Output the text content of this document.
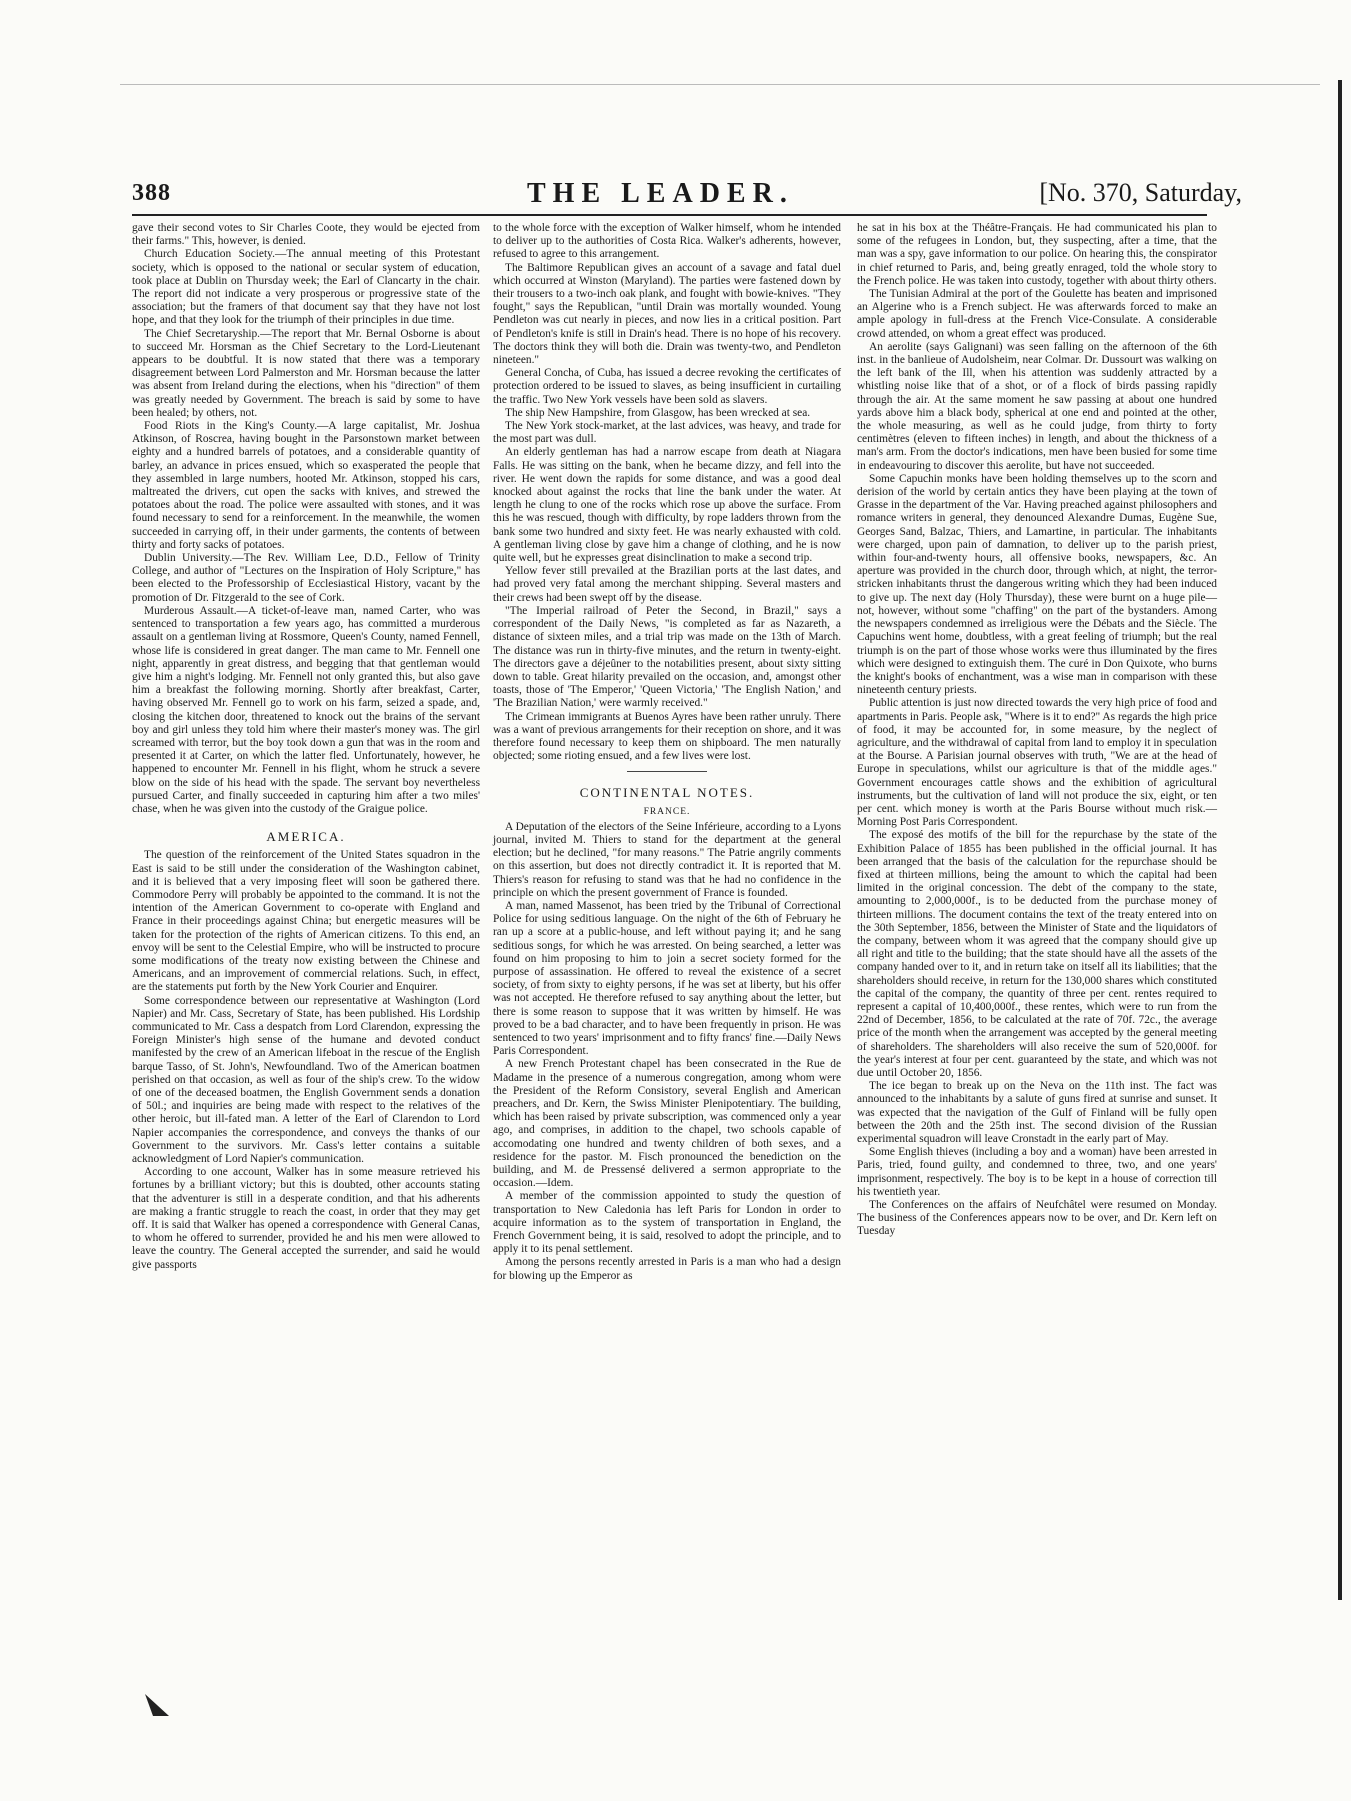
388	THE LEADER.	[No. 370, Saturday,

gave their second votes to Sir Charles Coote, they would be ejected from their farms." This, however, is denied.

Church Education Society.—The annual meeting of this Protestant society, which is opposed to the national or secular system of education, took place at Dublin on Thursday week; the Earl of Clancarty in the chair. The report did not indicate a very prosperous or progressive state of the association; but the framers of that document say that they have not lost hope, and that they look for the triumph of their principles in due time.

The Chief Secretaryship.—The report that Mr. Bernal Osborne is about to succeed Mr. Horsman as the Chief Secretary to the Lord-Lieutenant appears to be doubtful. It is now stated that there was a temporary disagreement between Lord Palmerston and Mr. Horsman because the latter was absent from Ireland during the elections, when his "direction" of them was greatly needed by Government. The breach is said by some to have been healed; by others, not.

Food Riots in the King's County.—A large capitalist, Mr. Joshua Atkinson, of Roscrea, having bought in the Parsonstown market between eighty and a hundred barrels of potatoes, and a considerable quantity of barley, an advance in prices ensued, which so exasperated the people that they assembled in large numbers, hooted Mr. Atkinson, stopped his cars, maltreated the drivers, cut open the sacks with knives, and strewed the potatoes about the road. The police were assaulted with stones, and it was found necessary to send for a reinforcement. In the meanwhile, the women succeeded in carrying off, in their under garments, the contents of between thirty and forty sacks of potatoes.

Dublin University.—The Rev. William Lee, D.D., Fellow of Trinity College, and author of "Lectures on the Inspiration of Holy Scripture," has been elected to the Professorship of Ecclesiastical History, vacant by the promotion of Dr. Fitzgerald to the see of Cork.

Murderous Assault.—A ticket-of-leave man, named Carter, who was sentenced to transportation a few years ago, has committed a murderous assault on a gentleman living at Rossmore, Queen's County, named Fennell, whose life is considered in great danger. The man came to Mr. Fennell one night, apparently in great distress, and begging that that gentleman would give him a night's lodging. Mr. Fennell not only granted this, but also gave him a breakfast the following morning. Shortly after breakfast, Carter, having observed Mr. Fennell go to work on his farm, seized a spade, and, closing the kitchen door, threatened to knock out the brains of the servant boy and girl unless they told him where their master's money was. The girl screamed with terror, but the boy took down a gun that was in the room and presented it at Carter, on which the latter fled. Unfortunately, however, he happened to encounter Mr. Fennell in his flight, whom he struck a severe blow on the side of his head with the spade. The servant boy nevertheless pursued Carter, and finally succeeded in capturing him after a two miles' chase, when he was given into the custody of the Graigue police.

AMERICA.

The question of the reinforcement of the United States squadron in the East is said to be still under the consideration of the Washington cabinet, and it is believed that a very imposing fleet will soon be gathered there. Commodore Perry will probably be appointed to the command. It is not the intention of the American Government to co-operate with England and France in their proceedings against China; but energetic measures will be taken for the protection of the rights of American citizens. To this end, an envoy will be sent to the Celestial Empire, who will be instructed to procure some modifications of the treaty now existing between the Chinese and Americans, and an improvement of commercial relations. Such, in effect, are the statements put forth by the New York Courier and Enquirer.

Some correspondence between our representative at Washington (Lord Napier) and Mr. Cass, Secretary of State, has been published. His Lordship communicated to Mr. Cass a despatch from Lord Clarendon, expressing the Foreign Minister's high sense of the humane and devoted conduct manifested by the crew of an American lifeboat in the rescue of the English barque Tasso, of St. John's, Newfoundland. Two of the American boatmen perished on that occasion, as well as four of the ship's crew. To the widow of one of the deceased boatmen, the English Government sends a donation of 50l.; and inquiries are being made with respect to the relatives of the other heroic, but ill-fated man. A letter of the Earl of Clarendon to Lord Napier accompanies the correspondence, and conveys the thanks of our Government to the survivors. Mr. Cass's letter contains a suitable acknowledgment of Lord Napier's communication.

According to one account, Walker has in some measure retrieved his fortunes by a brilliant victory; but this is doubted, other accounts stating that the adventurer is still in a desperate condition, and that his adherents are making a frantic struggle to reach the coast, in order that they may get off. It is said that Walker has opened a correspondence with General Canas, to whom he offered to surrender, provided he and his men were allowed to leave the country. The General accepted the surrender, and said he would give passports

to the whole force with the exception of Walker himself, whom he intended to deliver up to the authorities of Costa Rica. Walker's adherents, however, refused to agree to this arrangement.

The Baltimore Republican gives an account of a savage and fatal duel which occurred at Winston (Maryland). The parties were fastened down by their trousers to a two-inch oak plank, and fought with bowie-knives. "They fought," says the Republican, "until Drain was mortally wounded. Young Pendleton was cut nearly in pieces, and now lies in a critical position. Part of Pendleton's knife is still in Drain's head. There is no hope of his recovery. The doctors think they will both die. Drain was twenty-two, and Pendleton nineteen."

General Concha, of Cuba, has issued a decree revoking the certificates of protection ordered to be issued to slaves, as being insufficient in curtailing the traffic. Two New York vessels have been sold as slavers.

The ship New Hampshire, from Glasgow, has been wrecked at sea.

The New York stock-market, at the last advices, was heavy, and trade for the most part was dull.

An elderly gentleman has had a narrow escape from death at Niagara Falls. He was sitting on the bank, when he became dizzy, and fell into the river. He went down the rapids for some distance, and was a good deal knocked about against the rocks that line the bank under the water. At length he clung to one of the rocks which rose up above the surface. From this he was rescued, though with difficulty, by rope ladders thrown from the bank some two hundred and sixty feet. He was nearly exhausted with cold. A gentleman living close by gave him a change of clothing, and he is now quite well, but he expresses great disinclination to make a second trip.

Yellow fever still prevailed at the Brazilian ports at the last dates, and had proved very fatal among the merchant shipping. Several masters and their crews had been swept off by the disease.

"The Imperial railroad of Peter the Second, in Brazil," says a correspondent of the Daily News, "is completed as far as Nazareth, a distance of sixteen miles, and a trial trip was made on the 13th of March. The distance was run in thirty-five minutes, and the return in twenty-eight. The directors gave a déjeûner to the notabilities present, about sixty sitting down to table. Great hilarity prevailed on the occasion, and, amongst other toasts, those of 'The Emperor,' 'Queen Victoria,' 'The English Nation,' and 'The Brazilian Nation,' were warmly received."

The Crimean immigrants at Buenos Ayres have been rather unruly. There was a want of previous arrangements for their reception on shore, and it was therefore found necessary to keep them on shipboard. The men naturally objected; some rioting ensued, and a few lives were lost.

CONTINENTAL NOTES.
FRANCE.

A Deputation of the electors of the Seine Inférieure, according to a Lyons journal, invited M. Thiers to stand for the department at the general election; but he declined, "for many reasons." The Patrie angrily comments on this assertion, but does not directly contradict it. It is reported that M. Thiers's reason for refusing to stand was that he had no confidence in the principle on which the present government of France is founded.

A man, named Massenot, has been tried by the Tribunal of Correctional Police for using seditious language. On the night of the 6th of February he ran up a score at a public-house, and left without paying it; and he sang seditious songs, for which he was arrested. On being searched, a letter was found on him proposing to him to join a secret society formed for the purpose of assassination. He offered to reveal the existence of a secret society, of from sixty to eighty persons, if he was set at liberty, but his offer was not accepted. He therefore refused to say anything about the letter, but there is some reason to suppose that it was written by himself. He was proved to be a bad character, and to have been frequently in prison. He was sentenced to two years' imprisonment and to fifty francs' fine.—Daily News Paris Correspondent.

A new French Protestant chapel has been consecrated in the Rue de Madame in the presence of a numerous congregation, among whom were the President of the Reform Consistory, several English and American preachers, and Dr. Kern, the Swiss Minister Plenipotentiary. The building, which has been raised by private subscription, was commenced only a year ago, and comprises, in addition to the chapel, two schools capable of accomodating one hundred and twenty children of both sexes, and a residence for the pastor. M. Fisch pronounced the benediction on the building, and M. de Pressensé delivered a sermon appropriate to the occasion.—Idem.

A member of the commission appointed to study the question of transportation to New Caledonia has left Paris for London in order to acquire information as to the system of transportation in England, the French Government being, it is said, resolved to adopt the principle, and to apply it to its penal settlement.

Among the persons recently arrested in Paris is a man who had a design for blowing up the Emperor as

he sat in his box at the Théâtre-Français. He had communicated his plan to some of the refugees in London, but, they suspecting, after a time, that the man was a spy, gave information to our police. On hearing this, the conspirator in chief returned to Paris, and, being greatly enraged, told the whole story to the French police. He was taken into custody, together with about thirty others.

The Tunisian Admiral at the port of the Goulette has beaten and imprisoned an Algerine who is a French subject. He was afterwards forced to make an ample apology in full-dress at the French Vice-Consulate. A considerable crowd attended, on whom a great effect was produced.

An aerolite (says Galignani) was seen falling on the afternoon of the 6th inst. in the banlieue of Audolsheim, near Colmar. Dr. Dussourt was walking on the left bank of the Ill, when his attention was suddenly attracted by a whistling noise like that of a shot, or of a flock of birds passing rapidly through the air. At the same moment he saw passing at about one hundred yards above him a black body, spherical at one end and pointed at the other, the whole measuring, as well as he could judge, from thirty to forty centimètres (eleven to fifteen inches) in length, and about the thickness of a man's arm. From the doctor's indications, men have been busied for some time in endeavouring to discover this aerolite, but have not succeeded.

Some Capuchin monks have been holding themselves up to the scorn and derision of the world by certain antics they have been playing at the town of Grasse in the department of the Var. Having preached against philosophers and romance writers in general, they denounced Alexandre Dumas, Eugène Sue, Georges Sand, Balzac, Thiers, and Lamartine, in particular. The inhabitants were charged, upon pain of damnation, to deliver up to the parish priest, within four-and-twenty hours, all offensive books, newspapers, &c. An aperture was provided in the church door, through which, at night, the terror-stricken inhabitants thrust the dangerous writing which they had been induced to give up. The next day (Holy Thursday), these were burnt on a huge pile—not, however, without some "chaffing" on the part of the bystanders. Among the newspapers condemned as irreligious were the Débats and the Siècle. The Capuchins went home, doubtless, with a great feeling of triumph; but the real triumph is on the part of those whose works were thus illuminated by the fires which were designed to extinguish them. The curé in Don Quixote, who burns the knight's books of enchantment, was a wise man in comparison with these nineteenth century priests.

Public attention is just now directed towards the very high price of food and apartments in Paris. People ask, "Where is it to end?" As regards the high price of food, it may be accounted for, in some measure, by the neglect of agriculture, and the withdrawal of capital from land to employ it in speculation at the Bourse. A Parisian journal observes with truth, "We are at the head of Europe in speculations, whilst our agriculture is that of the middle ages." Government encourages cattle shows and the exhibition of agricultural instruments, but the cultivation of land will not produce the six, eight, or ten per cent. which money is worth at the Paris Bourse without much risk.—Morning Post Paris Correspondent.

The exposé des motifs of the bill for the repurchase by the state of the Exhibition Palace of 1855 has been published in the official journal. It has been arranged that the basis of the calculation for the repurchase should be fixed at thirteen millions, being the amount to which the capital had been limited in the original concession. The debt of the company to the state, amounting to 2,000,000f., is to be deducted from the purchase money of thirteen millions. The document contains the text of the treaty entered into on the 30th September, 1856, between the Minister of State and the liquidators of the company, between whom it was agreed that the company should give up all right and title to the building; that the state should have all the assets of the company handed over to it, and in return take on itself all its liabilities; that the shareholders should receive, in return for the 130,000 shares which constituted the capital of the company, the quantity of three per cent. rentes required to represent a capital of 10,400,000f., these rentes, which were to run from the 22nd of December, 1856, to be calculated at the rate of 70f. 72c., the average price of the month when the arrangement was accepted by the general meeting of shareholders. The shareholders will also receive the sum of 520,000f. for the year's interest at four per cent. guaranteed by the state, and which was not due until October 20, 1856.

The ice began to break up on the Neva on the 11th inst. The fact was announced to the inhabitants by a salute of guns fired at sunrise and sunset. It was expected that the navigation of the Gulf of Finland will be fully open between the 20th and the 25th inst. The second division of the Russian experimental squadron will leave Cronstadt in the early part of May.

Some English thieves (including a boy and a woman) have been arrested in Paris, tried, found guilty, and condemned to three, two, and one years' imprisonment, respectively. The boy is to be kept in a house of correction till his twentieth year.

The Conferences on the affairs of Neufchâtel were resumed on Monday. The business of the Conferences appears now to be over, and Dr. Kern left on Tuesday
